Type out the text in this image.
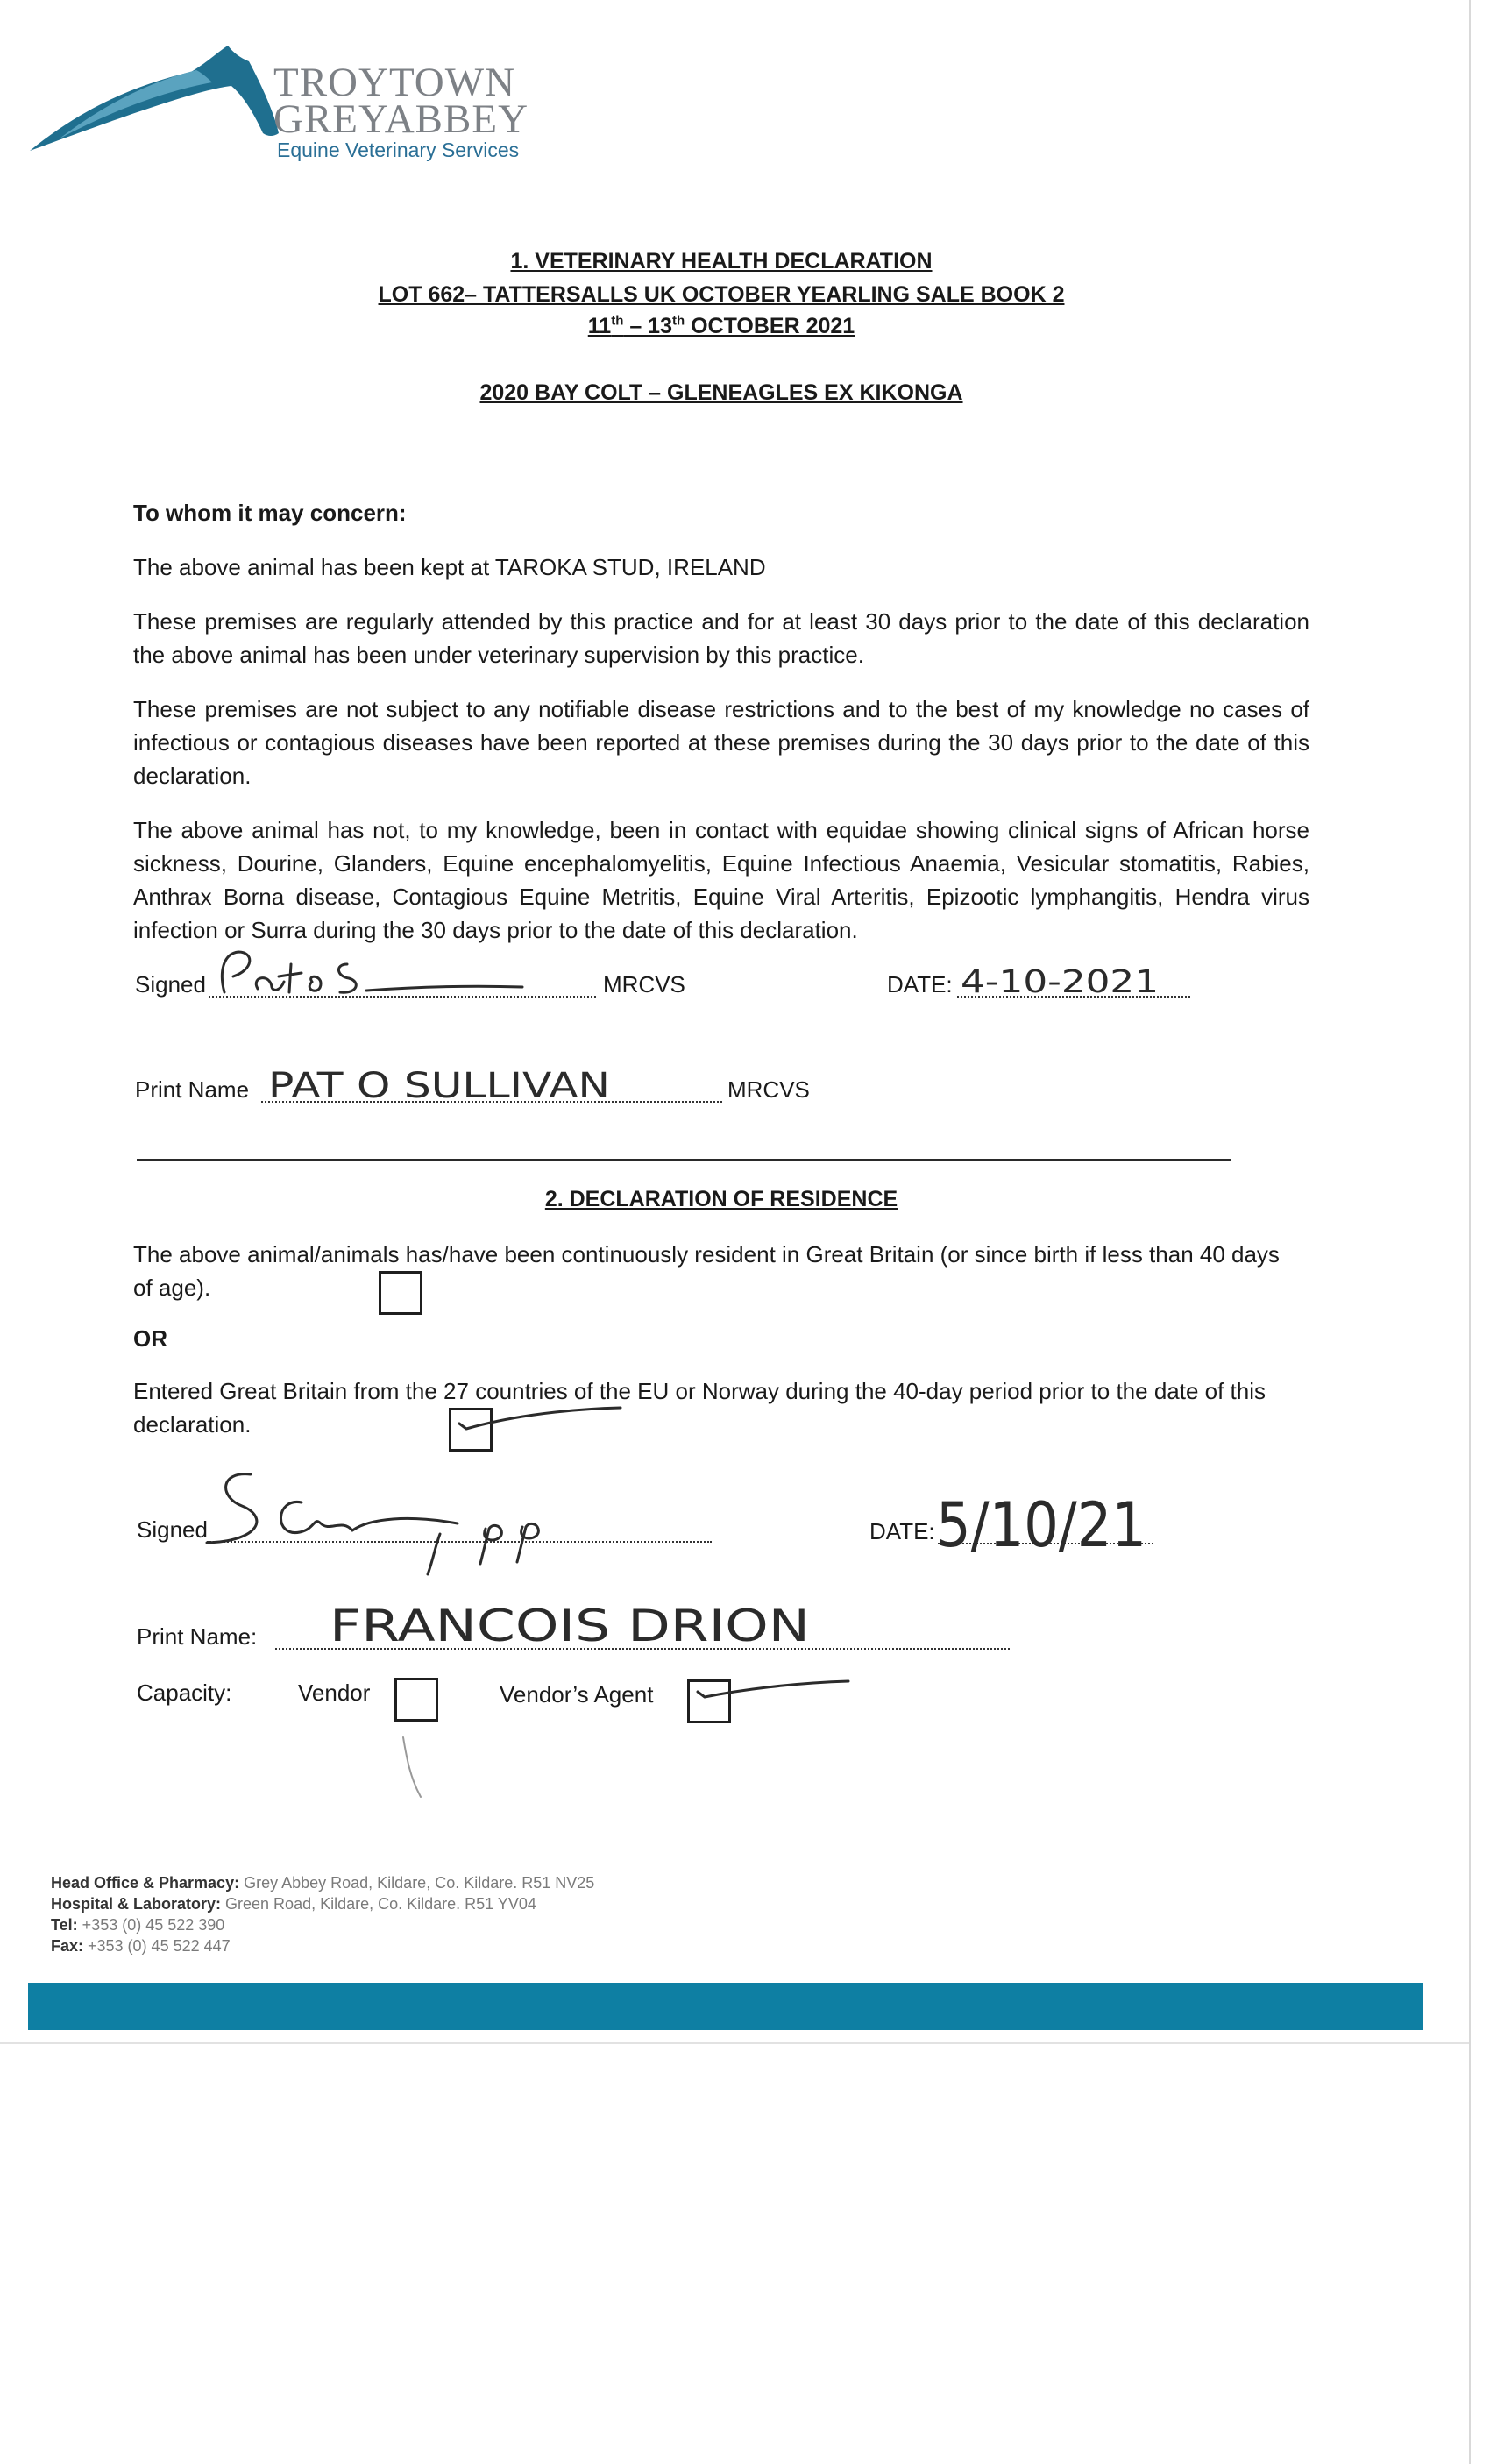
TROYTOWN
GREYABBEY
Equine Veterinary Services
1. VETERINARY HEALTH DECLARATION
LOT 662– TATTERSALLS UK OCTOBER YEARLING SALE BOOK 2
11th – 13th OCTOBER 2021
2020 BAY COLT – GLENEAGLES EX KIKONGA
To whom it may concern:
The above animal has been kept at TAROKA STUD, IRELAND
These premises are regularly attended by this practice and for at least 30 days prior to the date of this declaration the above animal has been under veterinary supervision by this practice.
These premises are not subject to any notifiable disease restrictions and to the best of my knowledge no cases of infectious or contagious diseases have been reported at these premises during the 30 days prior to the date of this declaration.
The above animal has not, to my knowledge, been in contact with equidae showing clinical signs of African horse sickness, Dourine, Glanders, Equine encephalomyelitis, Equine Infectious Anaemia, Vesicular stomatitis, Rabies, Anthrax Borna disease, Contagious Equine Metritis, Equine Viral Arteritis, Epizootic lymphangitis, Hendra virus infection or Surra during the 30 days prior to the date of this declaration.
Signed	MRCVS	DATE: 4-10-2021
Print Name PAT O SULLIVAN	MRCVS
2. DECLARATION OF RESIDENCE
The above animal/animals has/have been continuously resident in Great Britain (or since birth if less than 40 days of age).
OR
Entered Great Britain from the 27 countries of the EU or Norway during the 40-day period prior to the date of this declaration.
Signed	DATE: 5/10/21
Print Name: FRANCOIS DRION
Capacity:	Vendor	Vendor’s Agent
Head Office & Pharmacy: Grey Abbey Road, Kildare, Co. Kildare. R51 NV25
Hospital & Laboratory: Green Road, Kildare, Co. Kildare. R51 YV04
Tel: +353 (0) 45 522 390
Fax: +353 (0) 45 522 447
